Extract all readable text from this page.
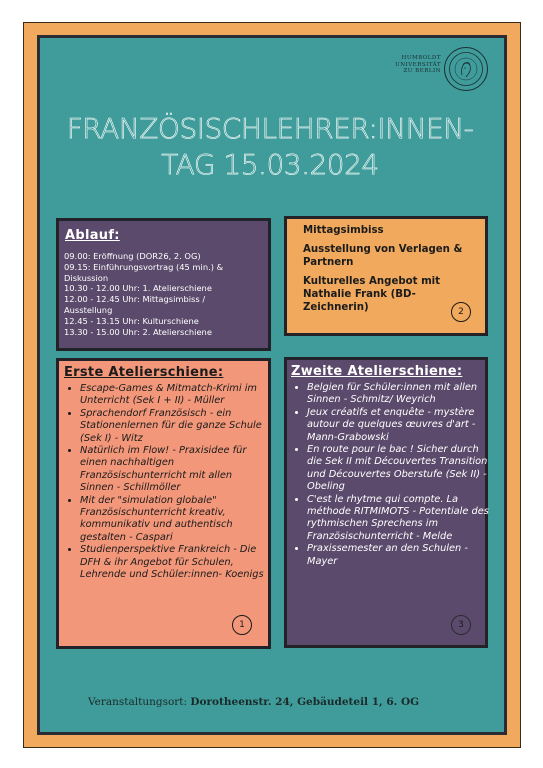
HUMBOLDT
UNIVERSITÄT
ZU BERLIN
FRANZÖSISCHLEHRER:INNEN-
TAG 15.03.2024
Ablauf:
09.00: Eröffnung (DOR26, 2. OG)
09.15: Einführungsvortrag (45 min.) &
Diskussion
10.30 - 12.00 Uhr: 1. Atelierschiene
12.00 - 12.45 Uhr: Mittagsimbiss /
Ausstellung
12.45 - 13.15 Uhr: Kulturschiene
13.30 - 15.00 Uhr: 2. Atelierschiene
Mittagsimbiss
Ausstellung von Verlagen & Partnern
Kulturelles Angebot mit Nathalie Frank (BD-Zeichnerin)	2
Erste Atelierschiene:
• Escape-Games & Mitmatch-Krimi im Unterricht (Sek I + II) - Müller
• Sprachendorf Französisch - ein Stationenlernen für die ganze Schule (Sek I) - Witz
• Natürlich im Flow! - Praxisidee für einen nachhaltigen Französischunterricht mit allen Sinnen - Schillmöller
• Mit der "simulation globale" Französischunterricht kreativ, kommunikativ und authentisch gestalten - Caspari
• Studienperspektive Frankreich - Die DFH & ihr Angebot für Schulen, Lehrende und Schüler:innen- Koenigs
1
Zweite Atelierschiene:
• Belgien für Schüler:innen mit allen Sinnen - Schmitz/ Weyrich
• Jeux créatifs et enquête - mystère autour de quelques œuvres d'art - Mann-Grabowski
• En route pour le bac ! Sicher durch die Sek II mit Découvertes Transition und Découvertes Oberstufe (Sek II) - Obeling
• C'est le rhytme qui compte. La méthode RITMIMOTS - Potentiale des rythmischen Sprechens im Französischunterricht - Melde
• Praxissemester an den Schulen - Mayer
3
Veranstaltungsort: Dorotheenstr. 24, Gebäudeteil 1, 6. OG
